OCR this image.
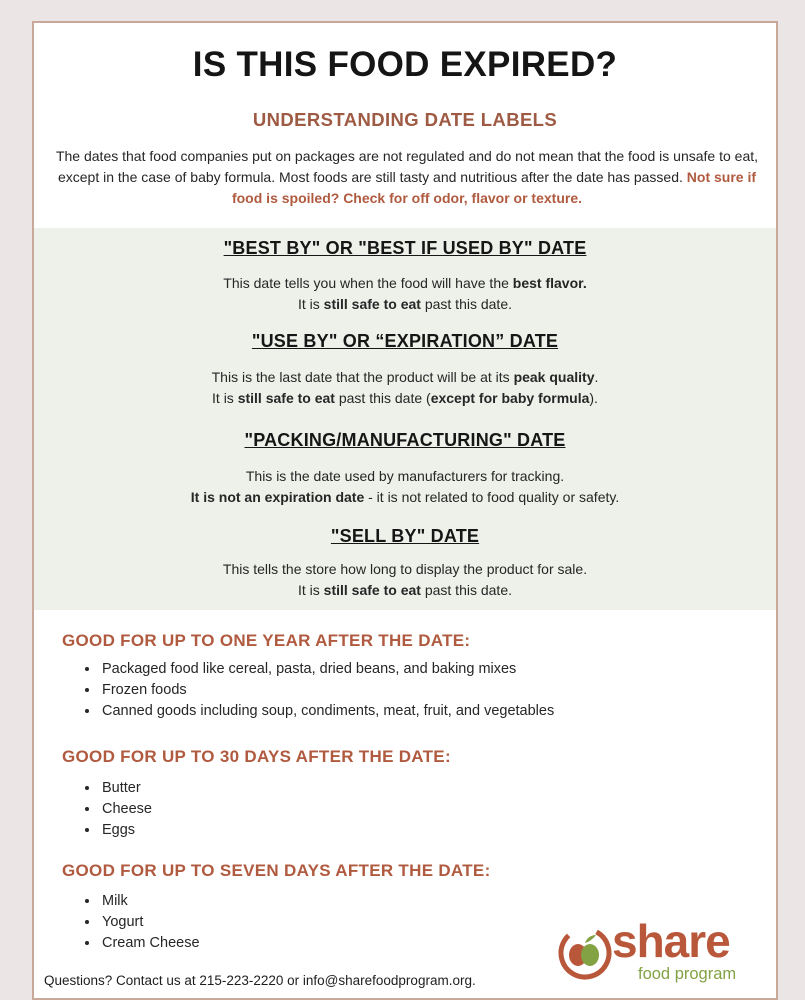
IS THIS FOOD EXPIRED?
UNDERSTANDING DATE LABELS
The dates that food companies put on packages are not regulated and do not mean that the food is unsafe to eat, except in the case of baby formula. Most foods are still tasty and nutritious after the date has passed. Not sure if food is spoiled? Check for off odor, flavor or texture.
"BEST BY" OR "BEST IF USED BY" DATE
This date tells you when the food will have the best flavor.
It is still safe to eat past this date.
"USE BY" OR “EXPIRATION” DATE
This is the last date that the product will be at its peak quality.
It is still safe to eat past this date (except for baby formula).
"PACKING/MANUFACTURING" DATE
This is the date used by manufacturers for tracking.
It is not an expiration date - it is not related to food quality or safety.
"SELL BY" DATE
This tells the store how long to display the product for sale.
It is still safe to eat past this date.
GOOD FOR UP TO ONE YEAR AFTER THE DATE:
• Packaged food like cereal, pasta, dried beans, and baking mixes
• Frozen foods
• Canned goods including soup, condiments, meat, fruit, and vegetables
GOOD FOR UP TO 30 DAYS AFTER THE DATE:
• Butter
• Cheese
• Eggs
GOOD FOR UP TO SEVEN DAYS AFTER THE DATE:
• Milk
• Yogurt
• Cream Cheese
Questions? Contact us at 215-223-2220 or info@sharefoodprogram.org.
share
food program
